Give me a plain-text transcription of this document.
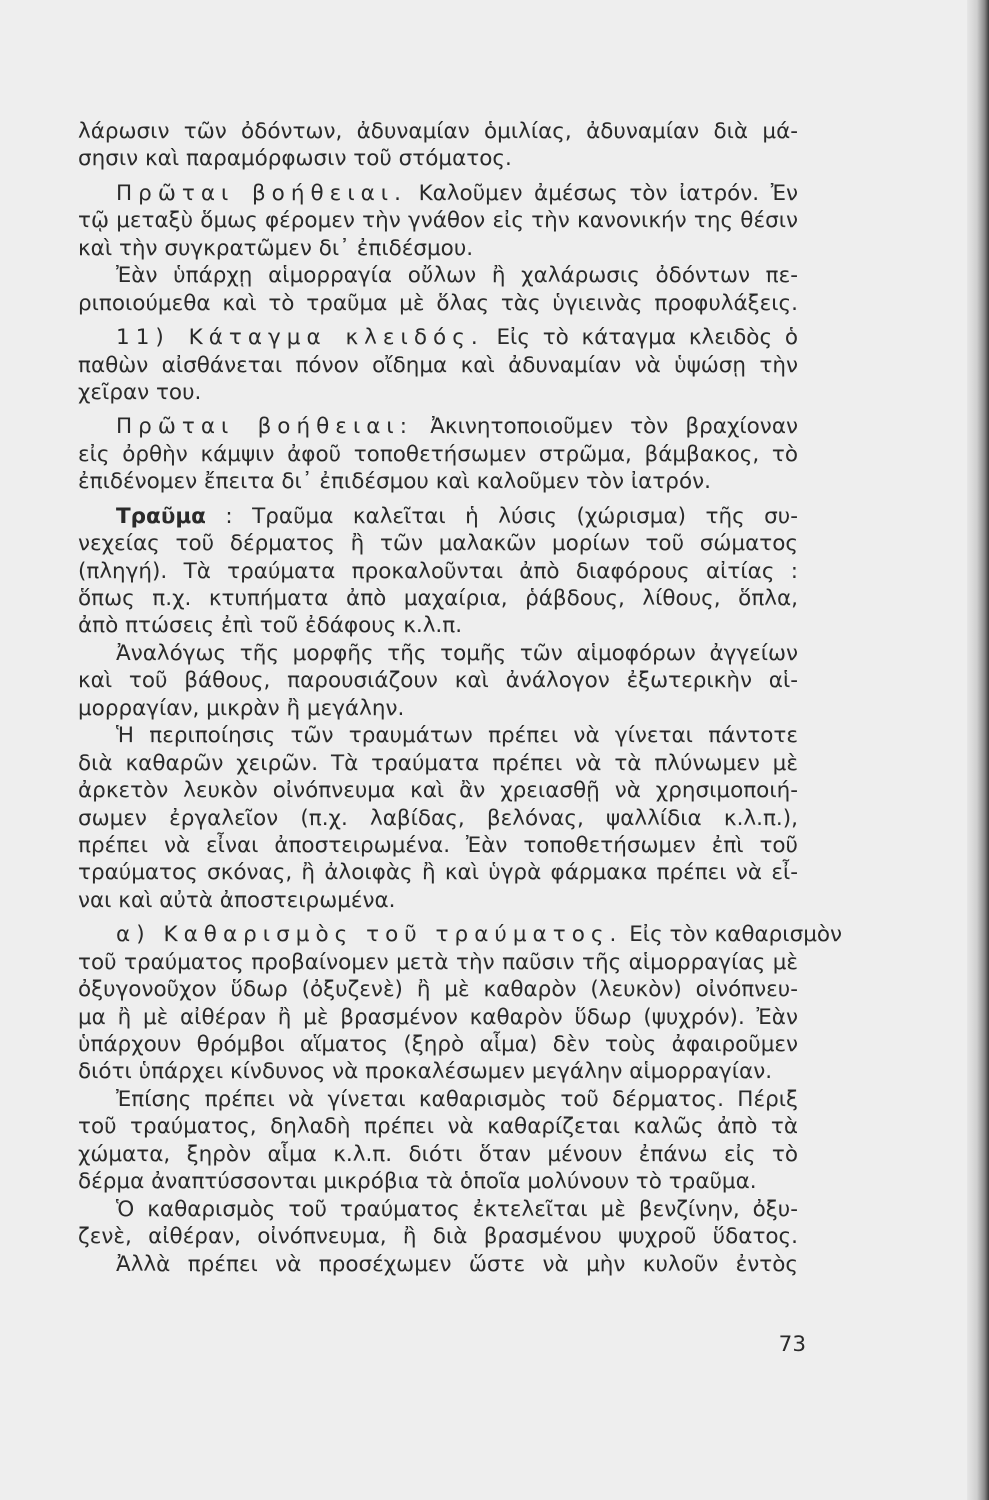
λάρωσιν τῶν ὀδόντων, ἀδυναμίαν ὁμιλίας, ἀδυναμίαν διὰ μά-
σησιν καὶ παραμόρφωσιν τοῦ στόματος.
Πρῶται βοήθειαι. Καλοῦμεν ἀμέσως τὸν ἰατρόν. Ἐν
τῷ μεταξὺ ὅμως φέρομεν τὴν γνάθον εἰς τὴν κανονικήν της θέσιν
καὶ τὴν συγκρατῶμεν δι᾽ ἐπιδέσμου.
Ἐὰν ὑπάρχῃ αἱμορραγία οὔλων ἢ χαλάρωσις ὀδόντων πε-
ριποιούμεθα καὶ τὸ τραῦμα μὲ ὅλας τὰς ὑγιεινὰς προφυλάξεις.
11) Κάταγμα κλειδός. Εἰς τὸ κάταγμα κλειδὸς ὁ
παθὼν αἰσθάνεται πόνον οἴδημα καὶ ἀδυναμίαν νὰ ὑψώσῃ τὴν
χεῖραν του.
Πρῶται βοήθειαι: Ἀκινητοποιοῦμεν τὸν βραχίοναν
εἰς ὀρθὴν κάμψιν ἀφοῦ τοποθετήσωμεν στρῶμα, βάμβακος, τὸ
ἐπιδένομεν ἔπειτα δι᾽ ἐπιδέσμου καὶ καλοῦμεν τὸν ἰατρόν.
Τραῦμα : Τραῦμα καλεῖται ἡ λύσις (χώρισμα) τῆς συ-
νεχείας τοῦ δέρματος ἢ τῶν μαλακῶν μορίων τοῦ σώματος
(πληγή). Τὰ τραύματα προκαλοῦνται ἀπὸ διαφόρους αἰτίας :
ὅπως π.χ. κτυπήματα ἀπὸ μαχαίρια, ῥάβδους, λίθους, ὅπλα,
ἀπὸ πτώσεις ἐπὶ τοῦ ἐδάφους κ.λ.π.
Ἀναλόγως τῆς μορφῆς τῆς τομῆς τῶν αἱμοφόρων ἀγγείων
καὶ τοῦ βάθους, παρουσιάζουν καὶ ἀνάλογον ἐξωτερικὴν αἱ-
μορραγίαν, μικρὰν ἢ μεγάλην.
Ἡ περιποίησις τῶν τραυμάτων πρέπει νὰ γίνεται πάντοτε
διὰ καθαρῶν χειρῶν. Τὰ τραύματα πρέπει νὰ τὰ πλύνωμεν μὲ
ἀρκετὸν λευκὸν οἰνόπνευμα καὶ ἂν χρειασθῇ νὰ χρησιμοποιή-
σωμεν ἐργαλεῖον (π.χ. λαβίδας, βελόνας, ψαλλίδια κ.λ.π.),
πρέπει νὰ εἶναι ἀποστειρωμένα. Ἐὰν τοποθετήσωμεν ἐπὶ τοῦ
τραύματος σκόνας, ἢ ἀλοιφὰς ἢ καὶ ὑγρὰ φάρμακα πρέπει νὰ εἶ-
ναι καὶ αὐτὰ ἀποστειρωμένα.
α) Καθαρισμὸς τοῦ τραύματος. Εἰς τὸν καθαρισμὸν
τοῦ τραύματος προβαίνομεν μετὰ τὴν παῦσιν τῆς αἱμορραγίας μὲ
ὀξυγονοῦχον ὕδωρ (ὀξυζενὲ) ἢ μὲ καθαρὸν (λευκὸν) οἰνόπνευ-
μα ἢ μὲ αἰθέραν ἢ μὲ βρασμένον καθαρὸν ὕδωρ (ψυχρόν). Ἐὰν
ὑπάρχουν θρόμβοι αἵματος (ξηρὸ αἷμα) δὲν τοὺς ἀφαιροῦμεν
διότι ὑπάρχει κίνδυνος νὰ προκαλέσωμεν μεγάλην αἱμορραγίαν.
Ἐπίσης πρέπει νὰ γίνεται καθαρισμὸς τοῦ δέρματος. Πέριξ
τοῦ τραύματος, δηλαδὴ πρέπει νὰ καθαρίζεται καλῶς ἀπὸ τὰ
χώματα, ξηρὸν αἷμα κ.λ.π. διότι ὅταν μένουν ἐπάνω εἰς τὸ
δέρμα ἀναπτύσσονται μικρόβια τὰ ὁποῖα μολύνουν τὸ τραῦμα.
Ὁ καθαρισμὸς τοῦ τραύματος ἐκτελεῖται μὲ βενζίνην, ὀξυ-
ζενὲ, αἰθέραν, οἰνόπνευμα, ἢ διὰ βρασμένου ψυχροῦ ὕδατος.
Ἀλλὰ πρέπει νὰ προσέχωμεν ὥστε νὰ μὴν κυλοῦν ἐντὸς
73
